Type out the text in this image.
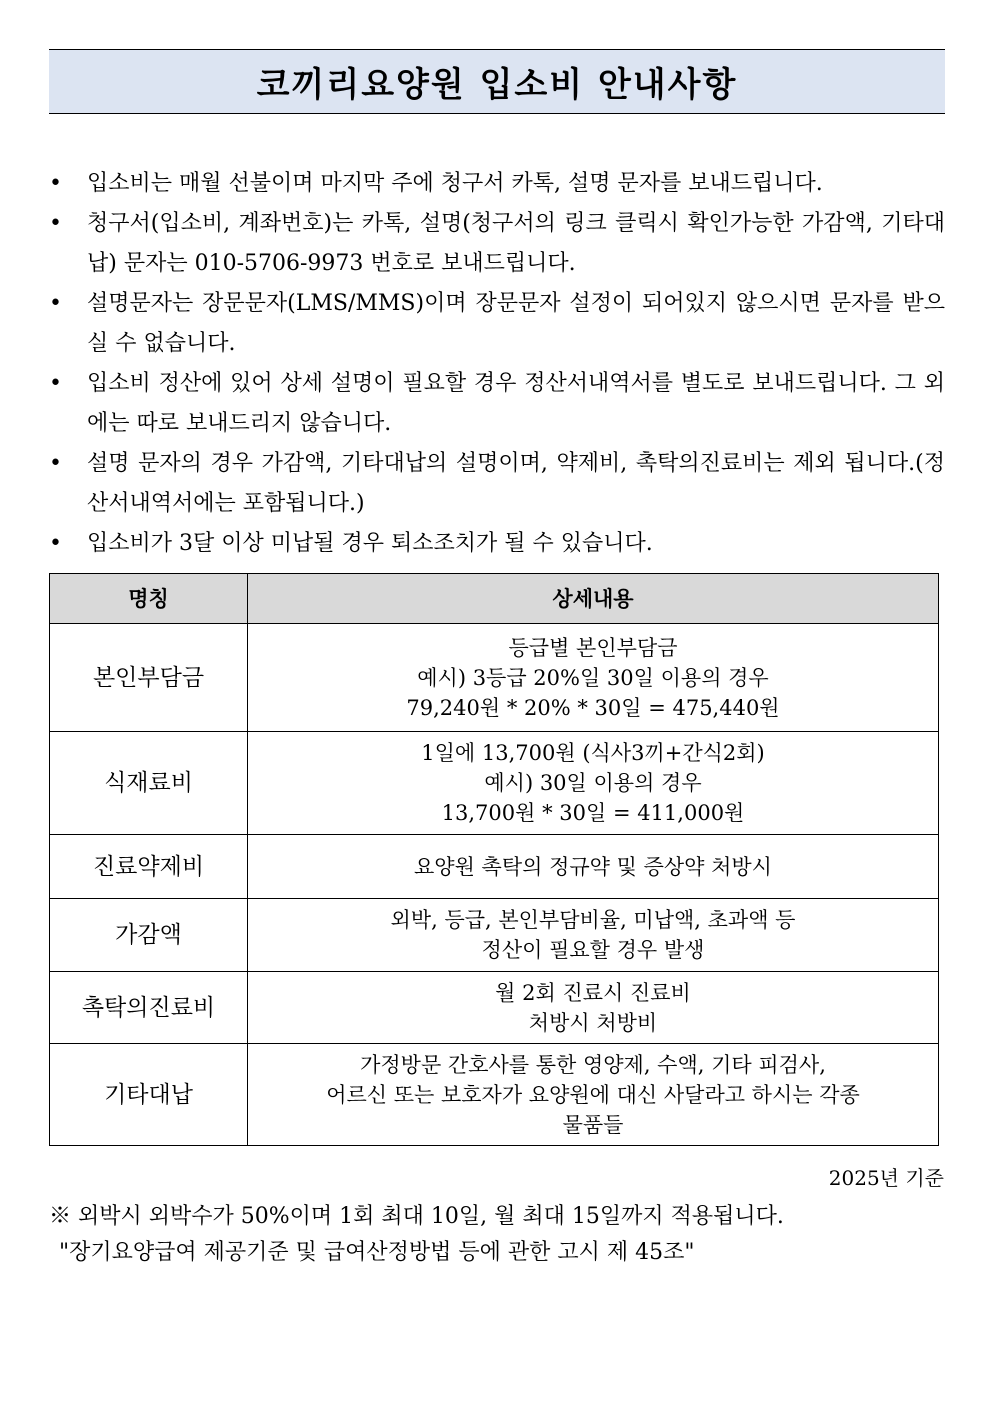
코끼리요양원 입소비 안내사항
• 입소비는 매월 선불이며 마지막 주에 청구서 카톡, 설명 문자를 보내드립니다.
• 청구서(입소비, 계좌번호)는 카톡, 설명(청구서의 링크 클릭시 확인가능한 가감액, 기타대납) 문자는 010-5706-9973 번호로 보내드립니다.
• 설명문자는 장문문자(LMS/MMS)이며 장문문자 설정이 되어있지 않으시면 문자를 받으실 수 없습니다.
• 입소비 정산에 있어 상세 설명이 필요할 경우 정산서내역서를 별도로 보내드립니다. 그 외에는 따로 보내드리지 않습니다.
• 설명 문자의 경우 가감액, 기타대납의 설명이며, 약제비, 촉탁의진료비는 제외 됩니다.(정산서내역서에는 포함됩니다.)
• 입소비가 3달 이상 미납될 경우 퇴소조치가 될 수 있습니다.
명칭	상세내용
본인부담금	등급별 본인부담금
예시) 3등급 20%일 30일 이용의 경우
79,240원 * 20% * 30일 = 475,440원

식재료비	1일에 13,700원 (식사3끼+간식2회)
예시) 30일 이용의 경우
13,700원 * 30일 = 411,000원

진료약제비	요양원 촉탁의 정규약 및 증상약 처방시

가감액	외박, 등급, 본인부담비율, 미납액, 초과액 등
정산이 필요할 경우 발생

촉탁의진료비	월 2회 진료시 진료비
처방시 처방비

기타대납	가정방문 간호사를 통한 영양제, 수액, 기타 피검사,
어르신 또는 보호자가 요양원에 대신 사달라고 하시는 각종
물품들
2025년 기준
※ 외박시 외박수가 50%이며 1회 최대 10일, 월 최대 15일까지 적용됩니다.
"장기요양급여 제공기준 및 급여산정방법 등에 관한 고시 제 45조"
